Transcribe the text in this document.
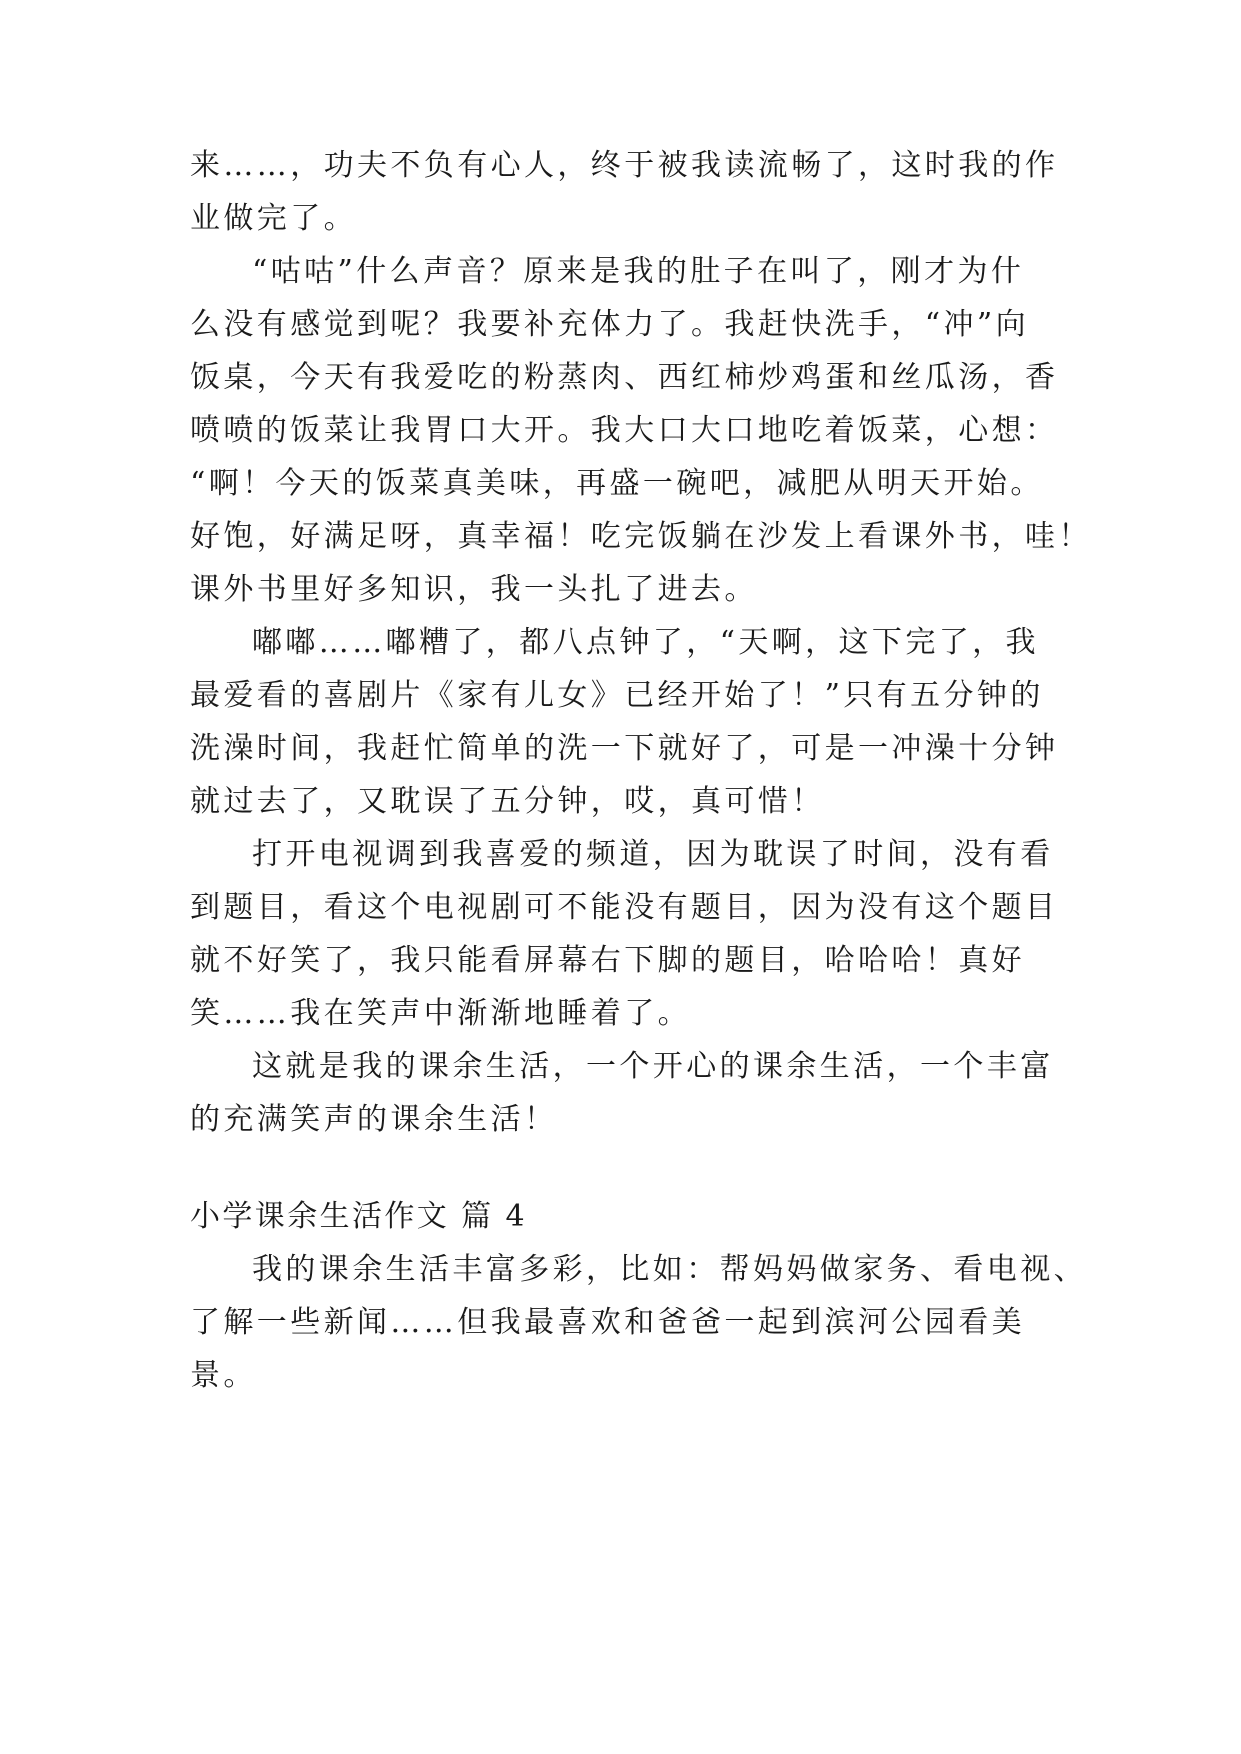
来……，功夫不负有心人，终于被我读流畅了，这时我的作
业做完了。
“咕咕”什么声音？原来是我的肚子在叫了，刚才为什
么没有感觉到呢？我要补充体力了。我赶快洗手，“冲”向
饭桌，今天有我爱吃的粉蒸肉、西红柿炒鸡蛋和丝瓜汤，香
喷喷的饭菜让我胃口大开。我大口大口地吃着饭菜，心想：
“啊！今天的饭菜真美味，再盛一碗吧，减肥从明天开始。
好饱，好满足呀，真幸福！吃完饭躺在沙发上看课外书，哇！
课外书里好多知识，我一头扎了进去。
嘟嘟……嘟糟了，都八点钟了，“天啊，这下完了，我
最爱看的喜剧片《家有儿女》已经开始了！”只有五分钟的
洗澡时间，我赶忙简单的洗一下就好了，可是一冲澡十分钟
就过去了，又耽误了五分钟，哎，真可惜！
打开电视调到我喜爱的频道，因为耽误了时间，没有看
到题目，看这个电视剧可不能没有题目，因为没有这个题目
就不好笑了，我只能看屏幕右下脚的题目，哈哈哈！真好
笑……我在笑声中渐渐地睡着了。
这就是我的课余生活，一个开心的课余生活，一个丰富
的充满笑声的课余生活！
小学课余生活作文 篇 4
我的课余生活丰富多彩，比如：帮妈妈做家务、看电视、
了解一些新闻……但我最喜欢和爸爸一起到滨河公园看美
景。
